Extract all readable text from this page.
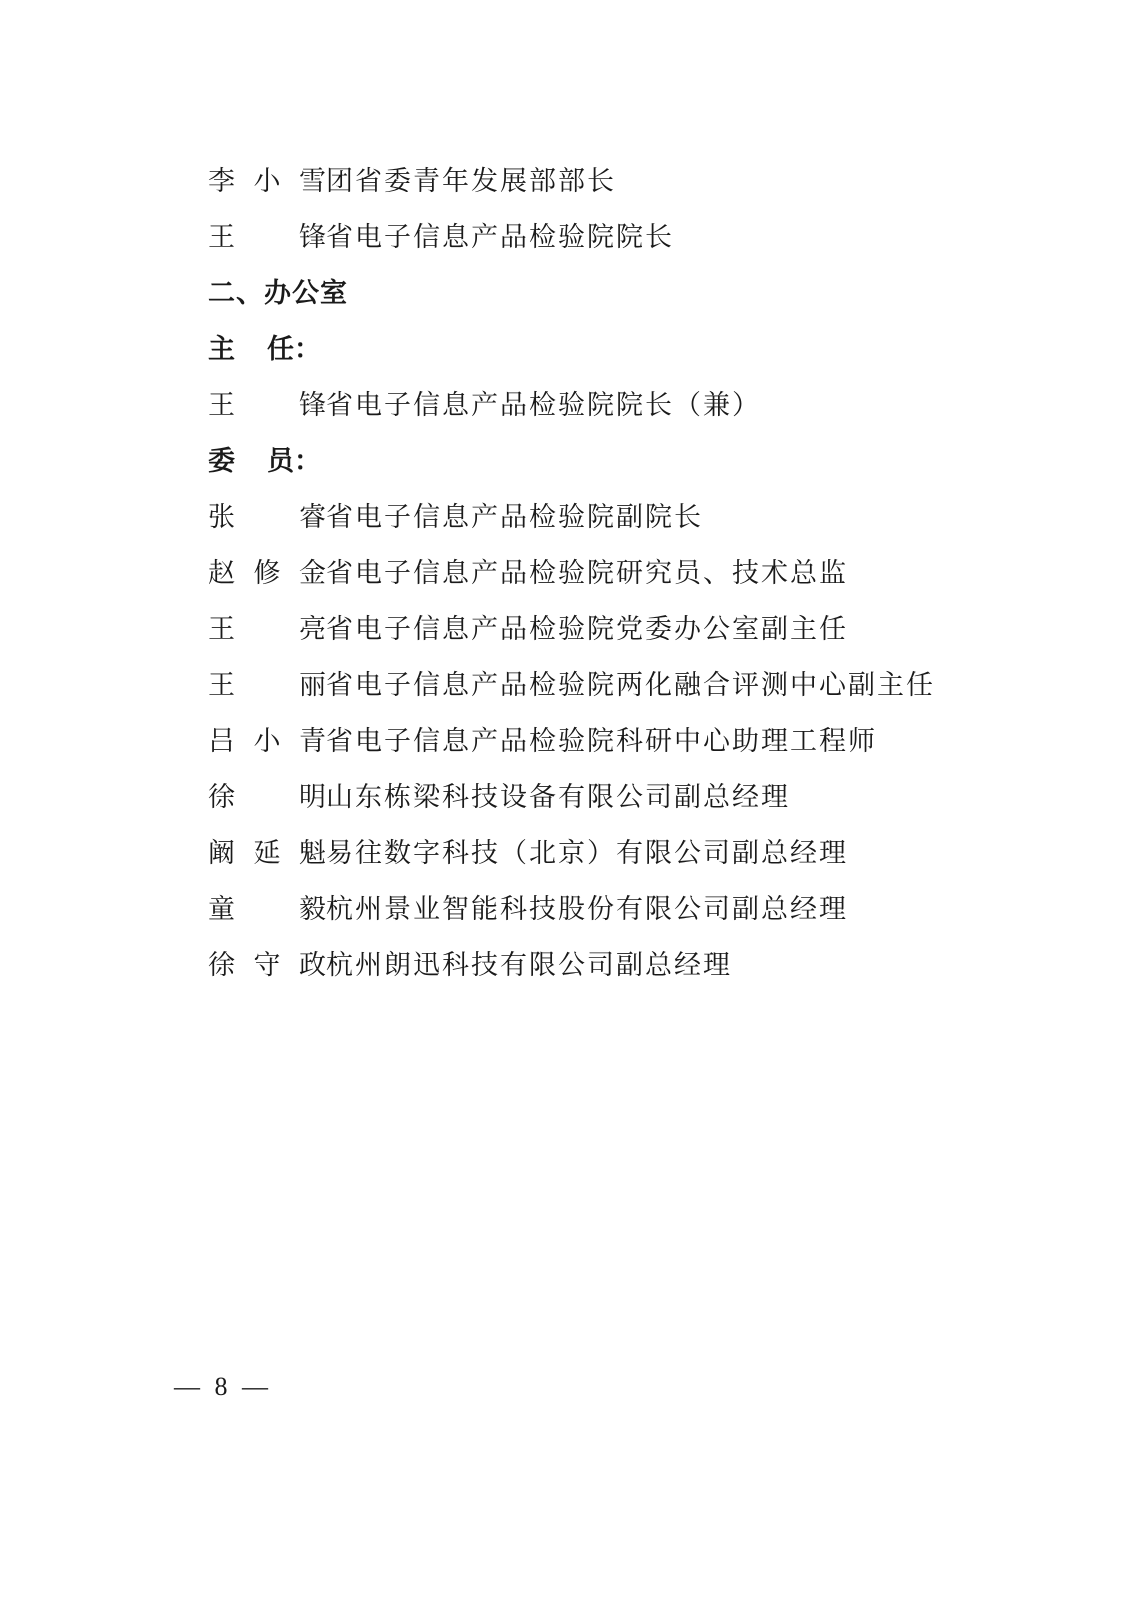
李小雪团省委青年发展部部长
王 锋省电子信息产品检验院院长
二、办公室
主 任：
王 锋省电子信息产品检验院院长（兼）
委 员：
张 睿省电子信息产品检验院副院长
赵修金省电子信息产品检验院研究员、技术总监
王 亮省电子信息产品检验院党委办公室副主任
王 丽省电子信息产品检验院两化融合评测中心副主任
吕小青省电子信息产品检验院科研中心助理工程师
徐 明山东栋梁科技设备有限公司副总经理
阚延魁易往数字科技（北京）有限公司副总经理
童 毅杭州景业智能科技股份有限公司副总经理
徐守政杭州朗迅科技有限公司副总经理
— 8 —
